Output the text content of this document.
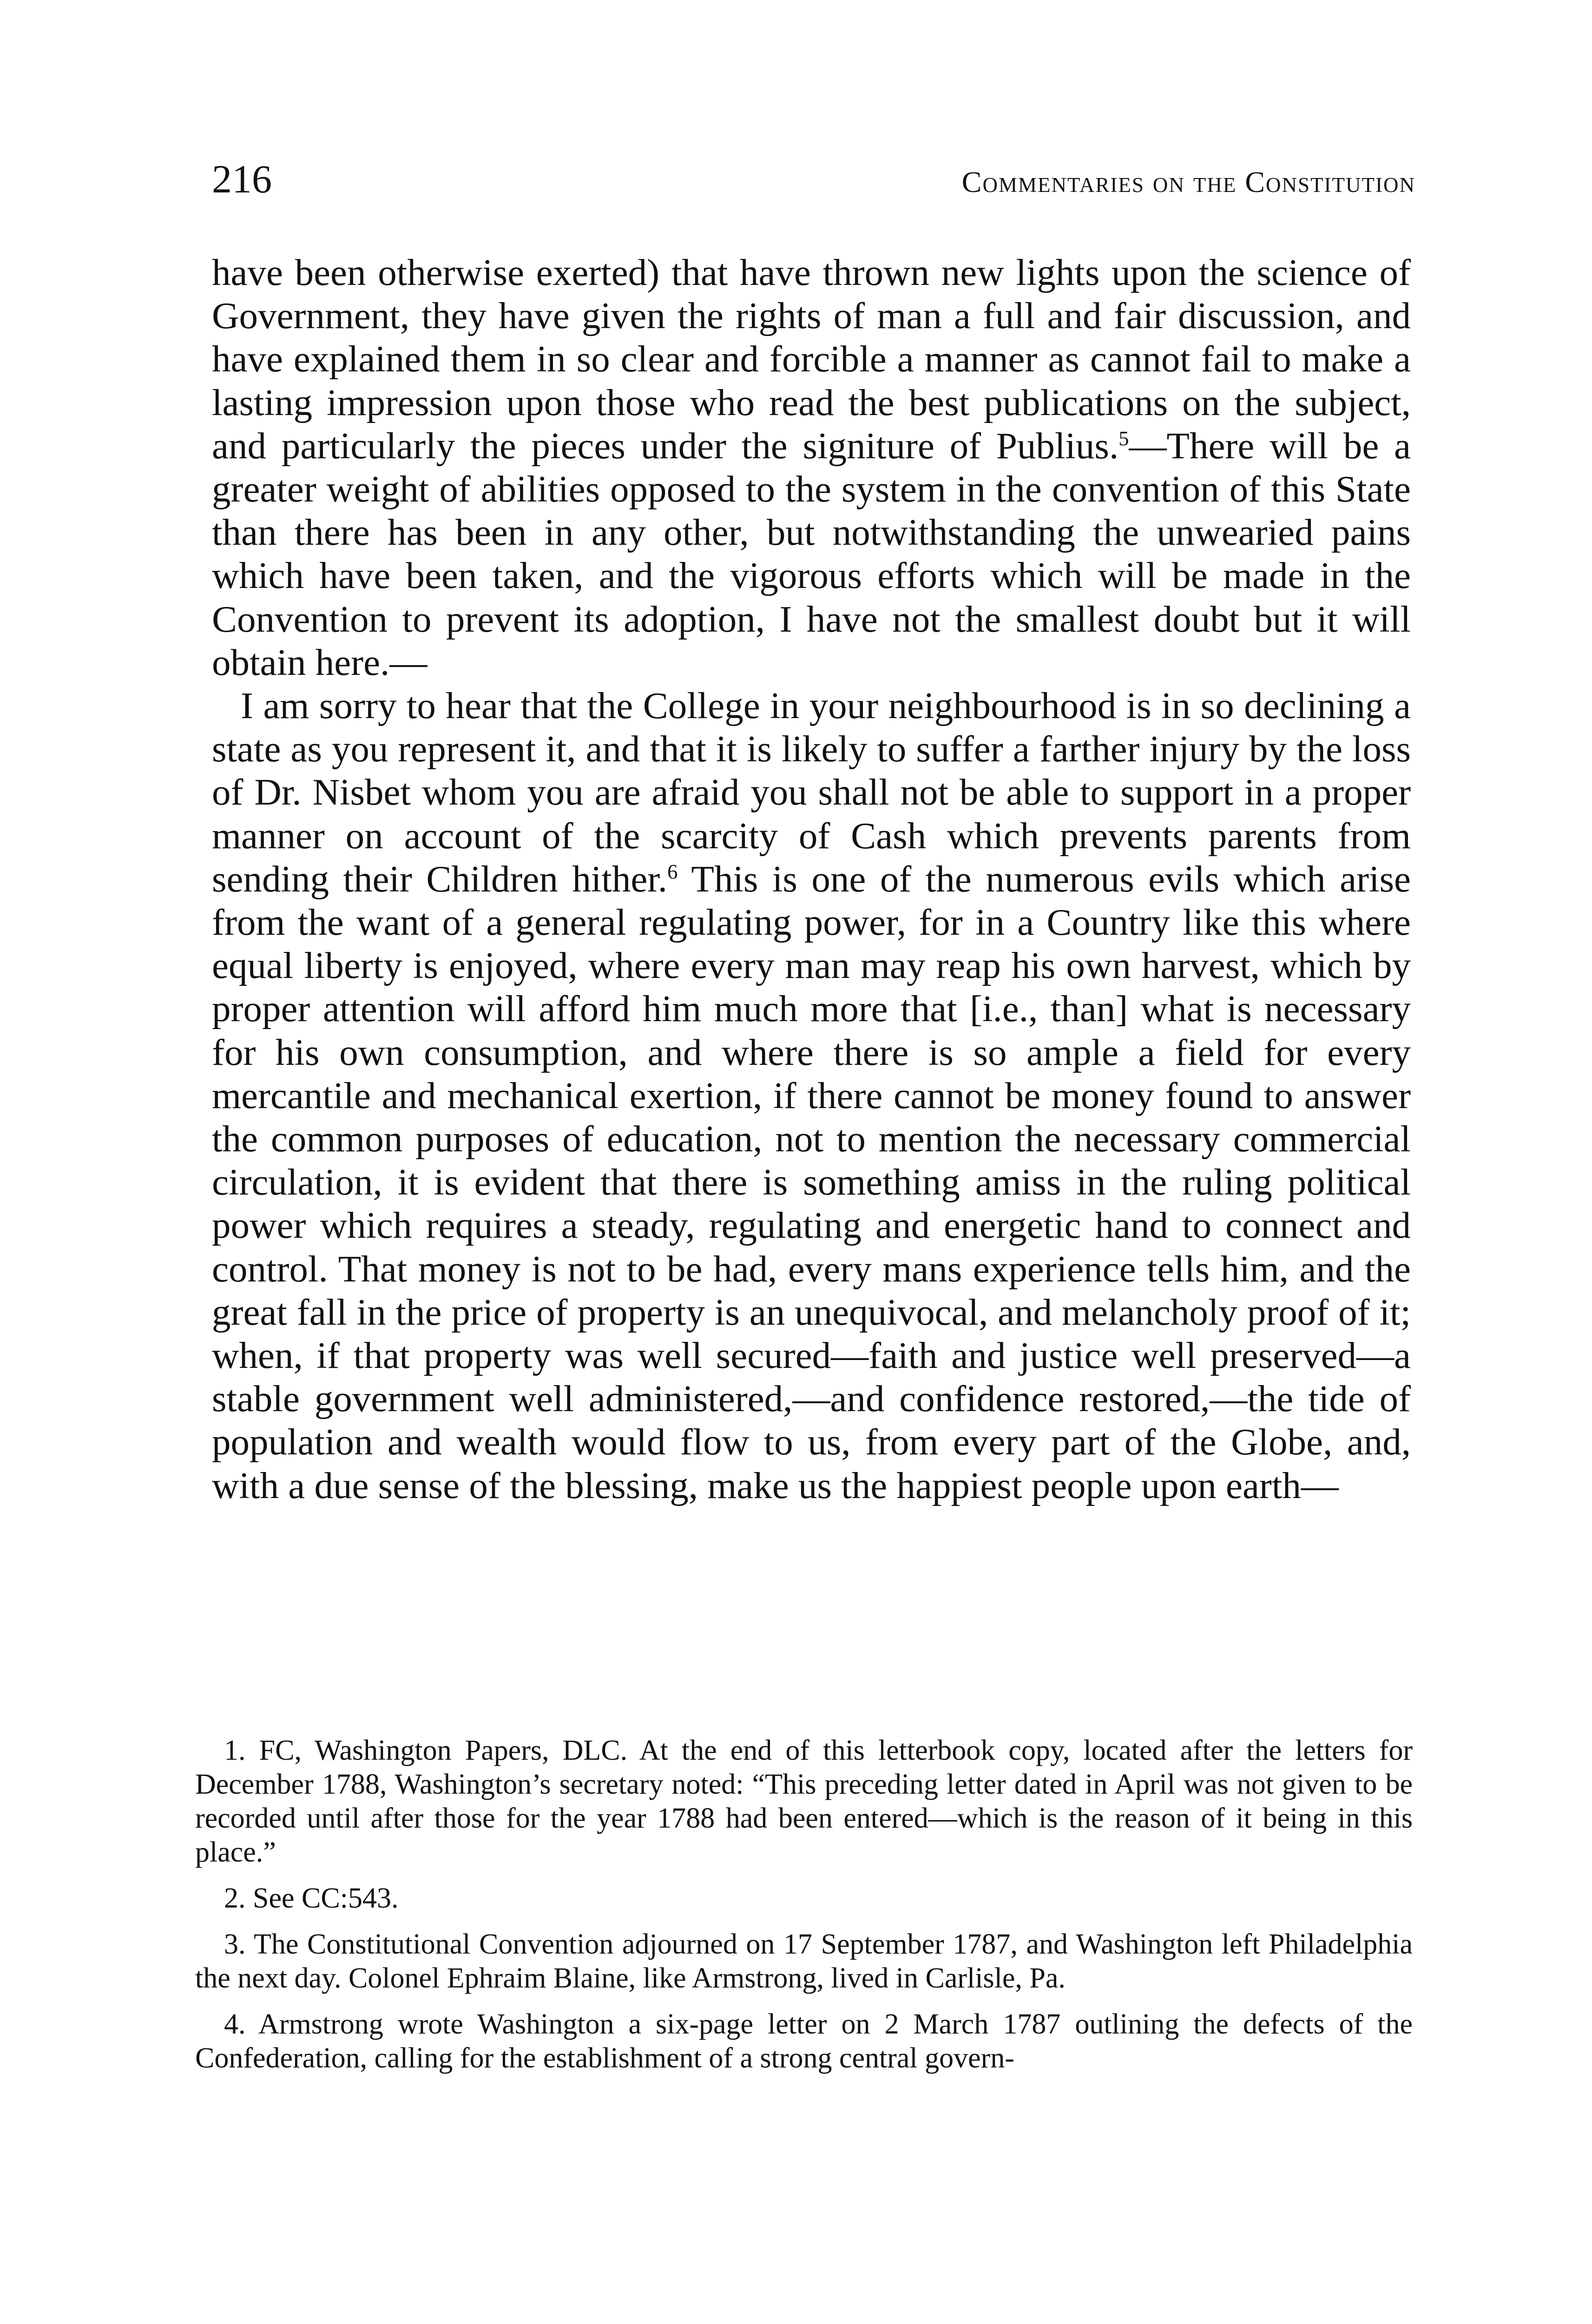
216	Commentaries on the Constitution

have been otherwise exerted) that have thrown new lights upon the science of Government, they have given the rights of man a full and fair discussion, and have explained them in so clear and forcible a manner as cannot fail to make a lasting impression upon those who read the best publications on the subject, and particularly the pieces under the signiture of Publius.$^5$—There will be a greater weight of abilities opposed to the system in the convention of this State than there has been in any other, but notwithstanding the unwearied pains which have been taken, and the vigorous efforts which will be made in the Convention to prevent its adoption, I have not the smallest doubt but it will obtain here.—

I am sorry to hear that the College in your neighbourhood is in so declining a state as you represent it, and that it is likely to suffer a farther injury by the loss of Dr. Nisbet whom you are afraid you shall not be able to support in a proper manner on account of the scarcity of Cash which prevents parents from sending their Children hither.$^6$ This is one of the numerous evils which arise from the want of a general regulating power, for in a Country like this where equal liberty is enjoyed, where every man may reap his own harvest, which by proper attention will afford him much more that [i.e., than] what is necessary for his own consumption, and where there is so ample a field for every mercantile and mechanical exertion, if there cannot be money found to answer the common purposes of education, not to mention the necessary commercial circulation, it is evident that there is something amiss in the ruling political power which requires a steady, regulating and energetic hand to connect and control. That money is not to be had, every mans experience tells him, and the great fall in the price of property is an unequivocal, and melancholy proof of it; when, if that property was well secured—faith and justice well preserved—a stable government well administered,—and confidence restored,—the tide of population and wealth would flow to us, from every part of the Globe, and, with a due sense of the blessing, make us the happiest people upon earth—

1. FC, Washington Papers, DLC. At the end of this letterbook copy, located after the letters for December 1788, Washington’s secretary noted: “This preceding letter dated in April was not given to be recorded until after those for the year 1788 had been entered—which is the reason of it being in this place.”

2. See CC:543.

3. The Constitutional Convention adjourned on 17 September 1787, and Washington left Philadelphia the next day. Colonel Ephraim Blaine, like Armstrong, lived in Carlisle, Pa.

4. Armstrong wrote Washington a six-page letter on 2 March 1787 outlining the defects of the Confederation, calling for the establishment of a strong central govern-
